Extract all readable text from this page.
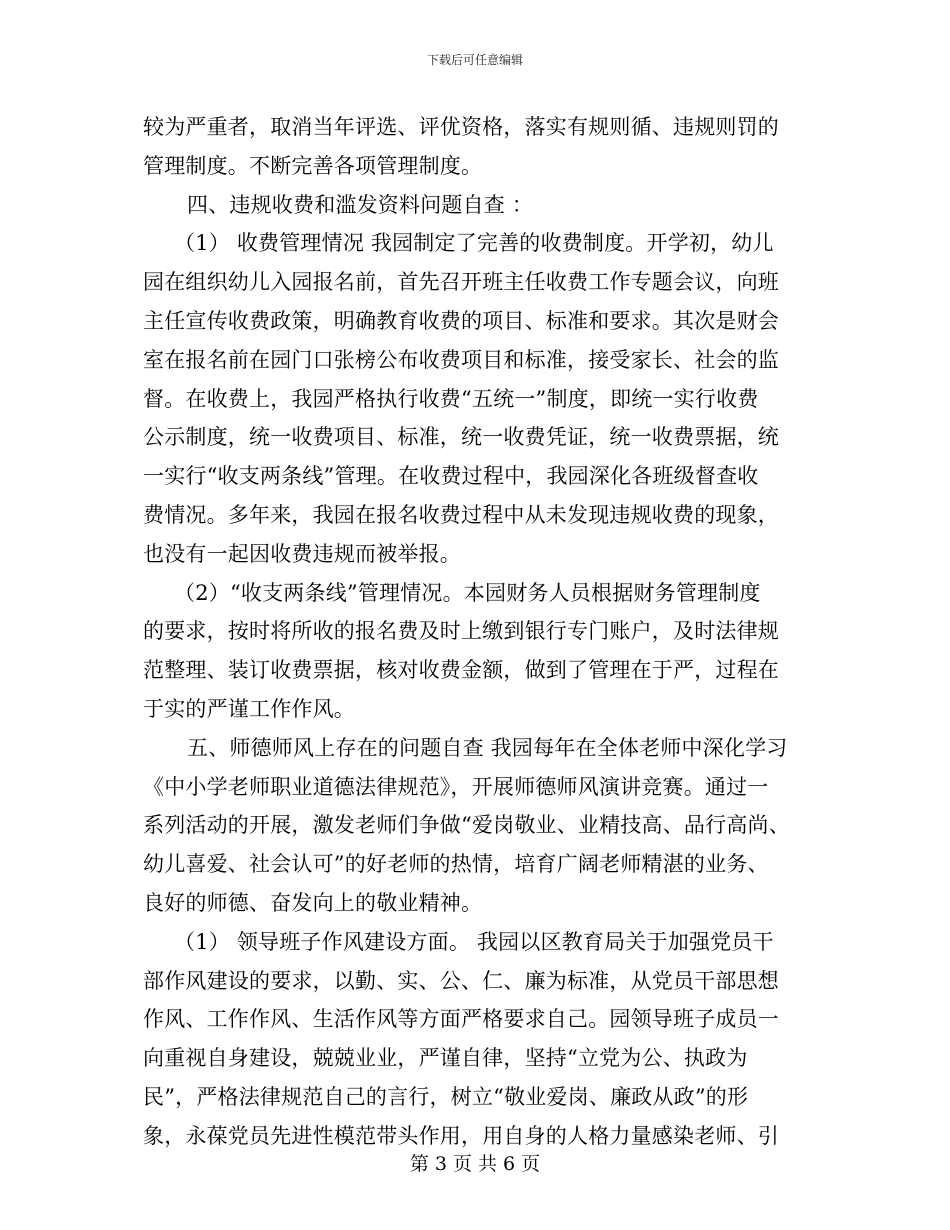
下载后可任意编辑
较为严重者，取消当年评选、评优资格，落实有规则循、违规则罚的
管理制度。不断完善各项管理制度。
四、违规收费和滥发资料问题自查 ：
（1） 收费管理情况 我园制定了完善的收费制度。开学初，幼儿
园在组织幼儿入园报名前，首先召开班主任收费工作专题会议，向班
主任宣传收费政策，明确教育收费的项目、标准和要求。其次是财会
室在报名前在园门口张榜公布收费项目和标准，接受家长、社会的监
督。在收费上，我园严格执行收费“五统一”制度，即统一实行收费
公示制度，统一收费项目、标准，统一收费凭证，统一收费票据，统
一实行“收支两条线”管理。在收费过程中，我园深化各班级督查收
费情况。多年来，我园在报名收费过程中从未发现违规收费的现象，
也没有一起因收费违规而被举报。
（2）“收支两条线”管理情况。本园财务人员根据财务管理制度
的要求，按时将所收的报名费及时上缴到银行专门账户，及时法律规
范整理、装订收费票据，核对收费金额，做到了管理在于严，过程在
于实的严谨工作作风。
五、师德师风上存在的问题自查 我园每年在全体老师中深化学习
《中小学老师职业道德法律规范》，开展师德师风演讲竞赛。通过一
系列活动的开展，激发老师们争做“爱岗敬业、业精技高、品行高尚、
幼儿喜爱、社会认可”的好老师的热情，培育广阔老师精湛的业务、
良好的师德、奋发向上的敬业精神。
（1） 领导班子作风建设方面。 我园以区教育局关于加强党员干
部作风建设的要求，以勤、实、公、仁、廉为标准，从党员干部思想
作风、工作作风、生活作风等方面严格要求自己。园领导班子成员一
向重视自身建设，兢兢业业，严谨自律，坚持“立党为公、执政为
民”，严格法律规范自己的言行，树立“敬业爱岗、廉政从政”的形
象，永葆党员先进性模范带头作用，用自身的人格力量感染老师、引
第 3 页 共 6 页
